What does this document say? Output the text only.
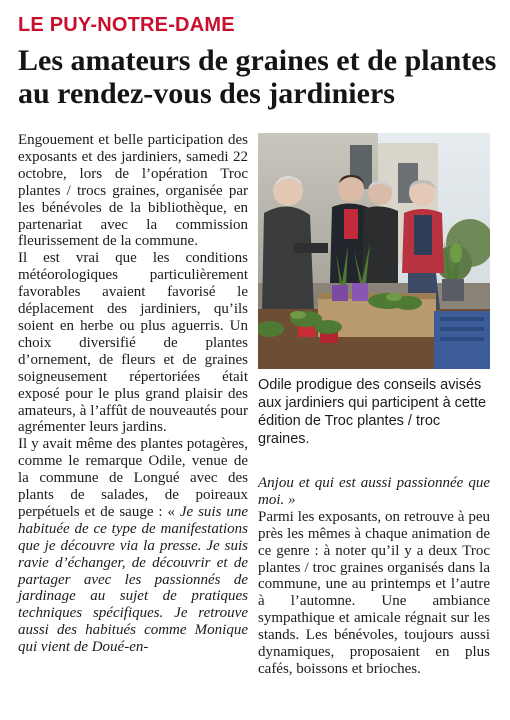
LE PUY-NOTRE-DAME
Les amateurs de graines et de plantes au rendez-vous des jardiniers

Engouement et belle participation des exposants et des jardiniers, samedi 22 octobre, lors de l’opération Troc plantes / trocs graines, organisée par les bénévoles de la bibliothèque, en partenariat avec la commission fleurissement de la commune.

Il est vrai que les conditions météorologiques particulièrement favorables avaient favorisé le déplacement des jardiniers, qu’ils soient en herbe ou plus aguerris. Un choix diversifié de plantes d’ornement, de fleurs et de graines soigneusement répertoriées était exposé pour le plus grand plaisir des amateurs, à l’affût de nouveautés pour agrémenter leurs jardins.

Il y avait même des plantes potagères, comme le remarque Odile, venue de la commune de Longué avec des plants de salades, de poireaux perpétuels et de sauge : « Je suis une habituée de ce type de manifestations que je découvre via la presse. Je suis ravie d’échanger, de découvrir et de partager avec les passionnés de jardinage au sujet de pratiques techniques spécifiques. Je retrouve aussi des habitués comme Monique qui vient de Doué-en-

Odile prodigue des conseils avisés aux jardiniers qui participent à cette édition de Troc plantes / troc graines.

Anjou et qui est aussi passionnée que moi. »

Parmi les exposants, on retrouve à peu près les mêmes à chaque animation de ce genre : à noter qu’il y a deux Troc plantes / troc graines organisés dans la commune, une au printemps et l’autre à l’automne. Une ambiance sympathique et amicale régnait sur les stands. Les bénévoles, toujours aussi dynamiques, proposaient en plus cafés, boissons et brioches.
